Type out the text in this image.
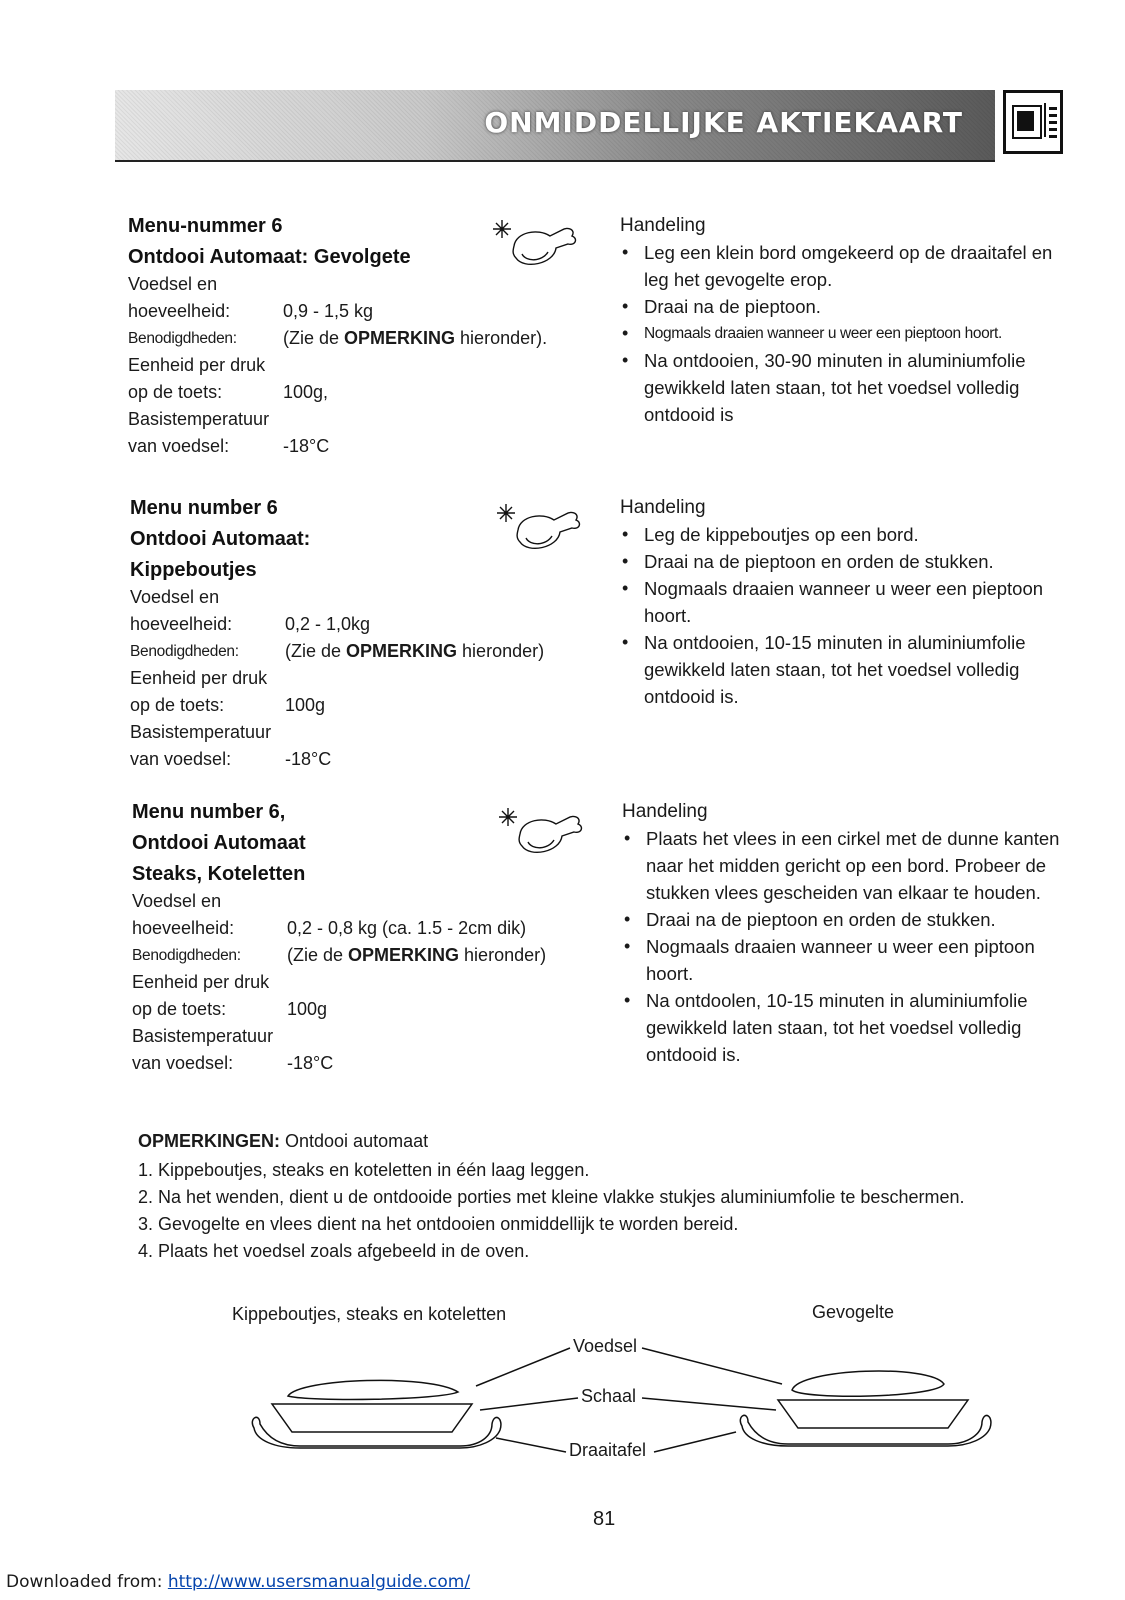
ONMIDDELLIJKE AKTIEKAART
Menu-nummer 6
Ontdooi Automaat: Gevolgete
Voedsel en
hoeveelheid:	0,9 - 1,5 kg
Benodigdheden:	(Zie de OPMERKING hieronder).
Eenheid per druk
op de toets:	100g,
Basistemperatuur
van voedsel:	-18°C
Handeling
• Leg een klein bord omgekeerd op de draaitafel en leg het gevogelte erop.
• Draai na de pieptoon.
• Nogmaals draaien wanneer u weer een pieptoon hoort.
• Na ontdooien, 30-90 minuten in aluminiumfolie gewikkeld laten staan, tot het voedsel volledig ontdooid is
Menu number 6
Ontdooi Automaat:
Kippeboutjes
Voedsel en
hoeveelheid:	0,2 - 1,0kg
Benodigdheden:	(Zie de OPMERKING hieronder)
Eenheid per druk
op de toets:	100g
Basistemperatuur
van voedsel:	-18°C
Handeling
• Leg de kippeboutjes op een bord.
• Draai na de pieptoon en orden de stukken.
• Nogmaals draaien wanneer u weer een pieptoon hoort.
• Na ontdooien, 10-15 minuten in aluminiumfolie gewikkeld laten staan, tot het voedsel volledig ontdooid is.
Menu number 6,
Ontdooi Automaat
Steaks, Koteletten
Voedsel en
hoeveelheid:	0,2 - 0,8 kg (ca. 1.5 - 2cm dik)
Benodigdheden:	(Zie de OPMERKING hieronder)
Eenheid per druk
op de toets:	100g
Basistemperatuur
van voedsel:	-18°C
Handeling
• Plaats het vlees in een cirkel met de dunne kanten naar het midden gericht op een bord. Probeer de stukken vlees gescheiden van elkaar te houden.
• Draai na de pieptoon en orden de stukken.
• Nogmaals draaien wanneer u weer een piptoon hoort.
• Na ontdoolen, 10-15 minuten in aluminiumfolie gewikkeld laten staan, tot het voedsel volledig ontdooid is.
OPMERKINGEN: Ontdooi automaat
1. Kippeboutjes, steaks en koteletten in één laag leggen.
2. Na het wenden, dient u de ontdooide porties met kleine vlakke stukjes aluminiumfolie te beschermen.
3. Gevogelte en vlees dient na het ontdooien onmiddellijk te worden bereid.
4. Plaats het voedsel zoals afgebeeld in de oven.
Kippeboutjes, steaks en koteletten	Gevogelte
Voedsel
Schaal
Draaitafel
81
Downloaded from: http://www.usersmanualguide.com/
